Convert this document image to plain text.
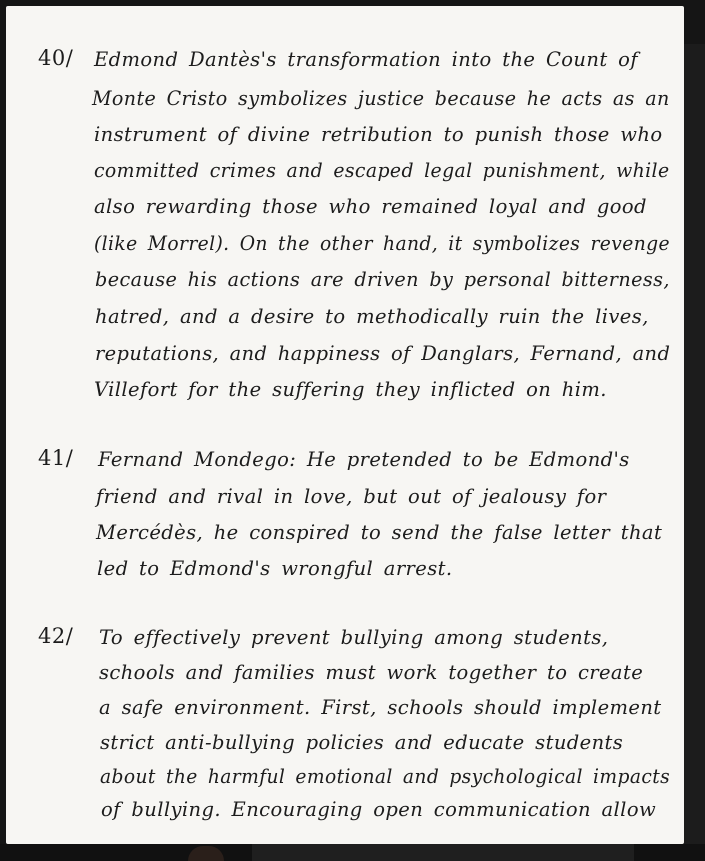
40/ Edmond Dantès's transformation into the Count of
Monte Cristo symbolizes justice because he acts as an
instrument of divine retribution to punish those who
committed crimes and escaped legal punishment, while
also rewarding those who remained loyal and good
(like Morrel). On the other hand, it symbolizes revenge
because his actions are driven by personal bitterness,
hatred, and a desire to methodically ruin the lives,
reputations, and happiness of Danglars, Fernand, and
Villefort for the suffering they inflicted on him.
41/ Fernand Mondego: He pretended to be Edmond's
friend and rival in love, but out of jealousy for
Mercédès, he conspired to send the false letter that
led to Edmond's wrongful arrest.
42/ To effectively prevent bullying among students,
schools and families must work together to create
a safe environment. First, schools should implement
strict anti-bullying policies and educate students
about the harmful emotional and psychological impacts
of bullying. Encouraging open communication allow
